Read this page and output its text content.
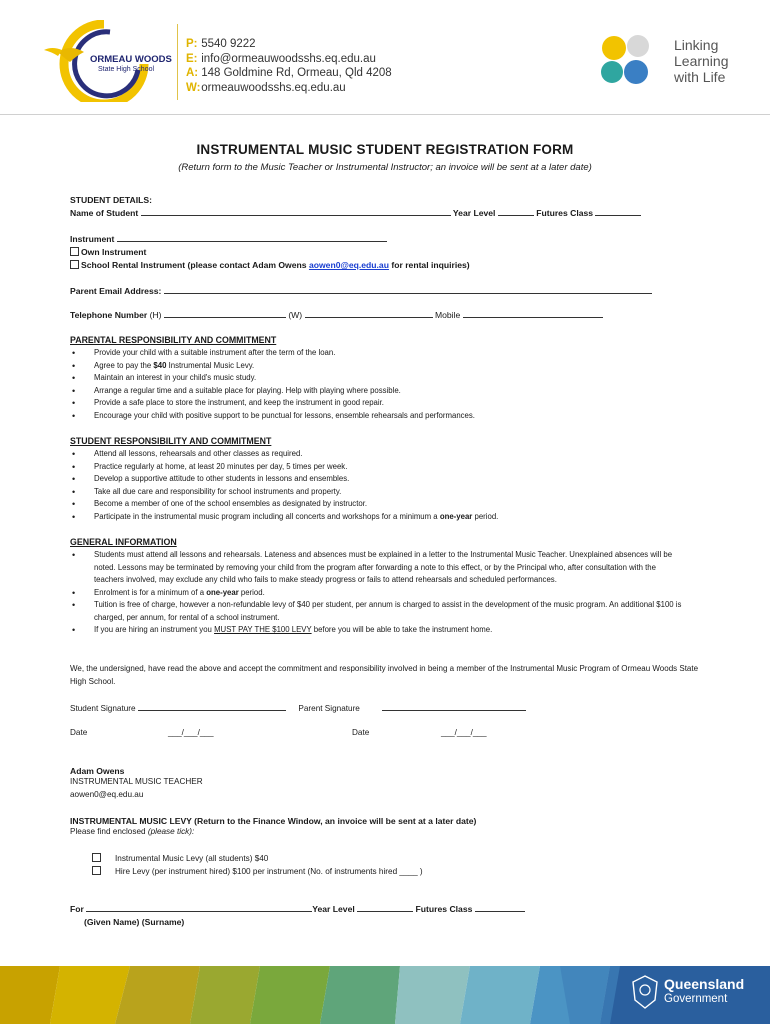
ORMEAU WOODS
State High School
P: 5540 9222
E: info@ormeauwoodsshs.eq.edu.au
A: 148 Goldmine Rd, Ormeau, Qld 4208
W: ormeauwoodsshs.eq.edu.au
Linking
Learning
with Life
INSTRUMENTAL MUSIC STUDENT REGISTRATION FORM
(Return form to the Music Teacher or Instrumental Instructor; an invoice will be sent at a later date)
STUDENT DETAILS:
Name of Student	Year Level	Futures Class
Instrument
Own Instrument
School Rental Instrument (please contact Adam Owens aowen0@eq.edu.au for rental inquiries)
Parent Email Address:
Telephone Number (H)	(W)	Mobile
PARENTAL RESPONSIBILITY AND COMMITMENT
• Provide your child with a suitable instrument after the term of the loan.
• Agree to pay the $40 Instrumental Music Levy.
• Maintain an interest in your child's music study.
• Arrange a regular time and a suitable place for playing. Help with playing where possible.
• Provide a safe place to store the instrument, and keep the instrument in good repair.
• Encourage your child with positive support to be punctual for lessons, ensemble rehearsals and performances.
STUDENT RESPONSIBILITY AND COMMITMENT
• Attend all lessons, rehearsals and other classes as required.
• Practice regularly at home, at least 20 minutes per day, 5 times per week.
• Develop a supportive attitude to other students in lessons and ensembles.
• Take all due care and responsibility for school instruments and property.
• Become a member of one of the school ensembles as designated by instructor.
• Participate in the instrumental music program including all concerts and workshops for a minimum a one-year period.
GENERAL INFORMATION
• Students must attend all lessons and rehearsals. Lateness and absences must be explained in a letter to the Instrumental Music Teacher. Unexplained absences will be noted. Lessons may be terminated by removing your child from the program after forwarding a note to this effect, or by the Principal who, after consultation with the teachers involved, may exclude any child who fails to make steady progress or fails to attend rehearsals and scheduled performances.
• Enrolment is for a minimum of a one-year period.
• Tuition is free of charge, however a non-refundable levy of $40 per student, per annum is charged to assist in the development of the music program. An additional $100 is charged, per annum, for rental of a school instrument.
• If you are hiring an instrument you MUST PAY THE $100 LEVY before you will be able to take the instrument home.
We, the undersigned, have read the above and accept the commitment and responsibility involved in being a member of the Instrumental Music Program of Ormeau Woods State High School.
Student Signature	Parent Signature
Date	___/___/___	Date	___/___/___
Adam Owens
INSTRUMENTAL MUSIC TEACHER
aowen0@eq.edu.au
INSTRUMENTAL MUSIC LEVY (Return to the Finance Window, an invoice will be sent at a later date)
Please find enclosed (please tick):
Instrumental Music Levy (all students) $40
Hire Levy (per instrument hired) $100 per instrument (No. of instruments hired ____ )
For	Year Level	Futures Class
(Given Name) (Surname)
Queensland
Government
